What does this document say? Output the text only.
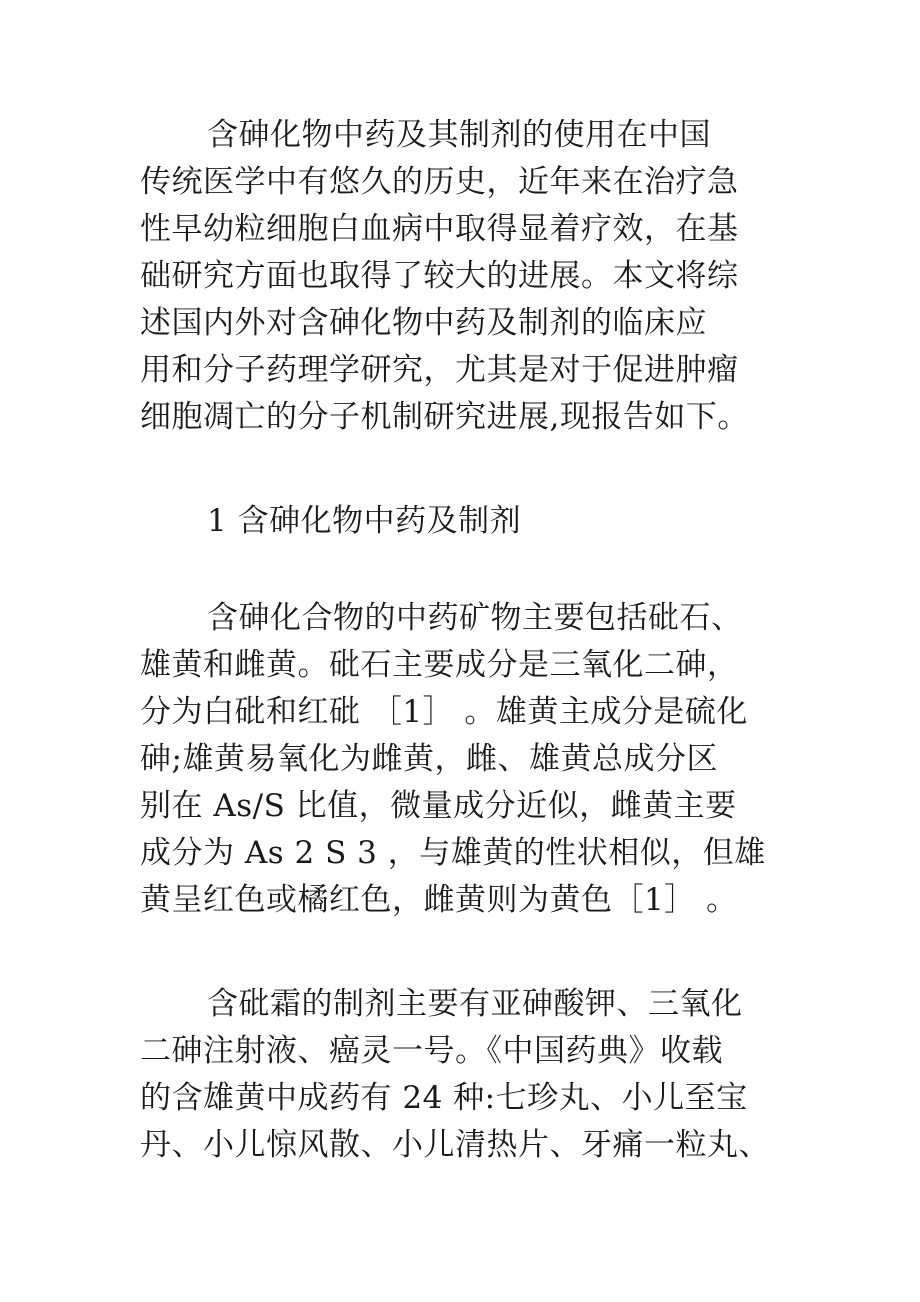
含砷化物中药及其制剂的使用在中国
传统医学中有悠久的历史，近年来在治疗急
性早幼粒细胞白血病中取得显着疗效，在基
础研究方面也取得了较大的进展。本文将综
述国内外对含砷化物中药及制剂的临床应
用和分子药理学研究，尤其是对于促进肿瘤
细胞凋亡的分子机制研究进展,现报告如下。
1 含砷化物中药及制剂
含砷化合物的中药矿物主要包括砒石、
雄黄和雌黄。砒石主要成分是三氧化二砷，
分为白砒和红砒 ［1］ 。雄黄主成分是硫化
砷;雄黄易氧化为雌黄，雌、雄黄总成分区
别在 As/S 比值，微量成分近似，雌黄主要
成分为 As 2 S 3 ，与雄黄的性状相似，但雄
黄呈红色或橘红色，雌黄则为黄色［1］ 。
含砒霜的制剂主要有亚砷酸钾、三氧化
二砷注射液、癌灵一号。《中国药典》收载
的含雄黄中成药有 24 种:七珍丸、小儿至宝
丹、小儿惊风散、小儿清热片、牙痛一粒丸、
